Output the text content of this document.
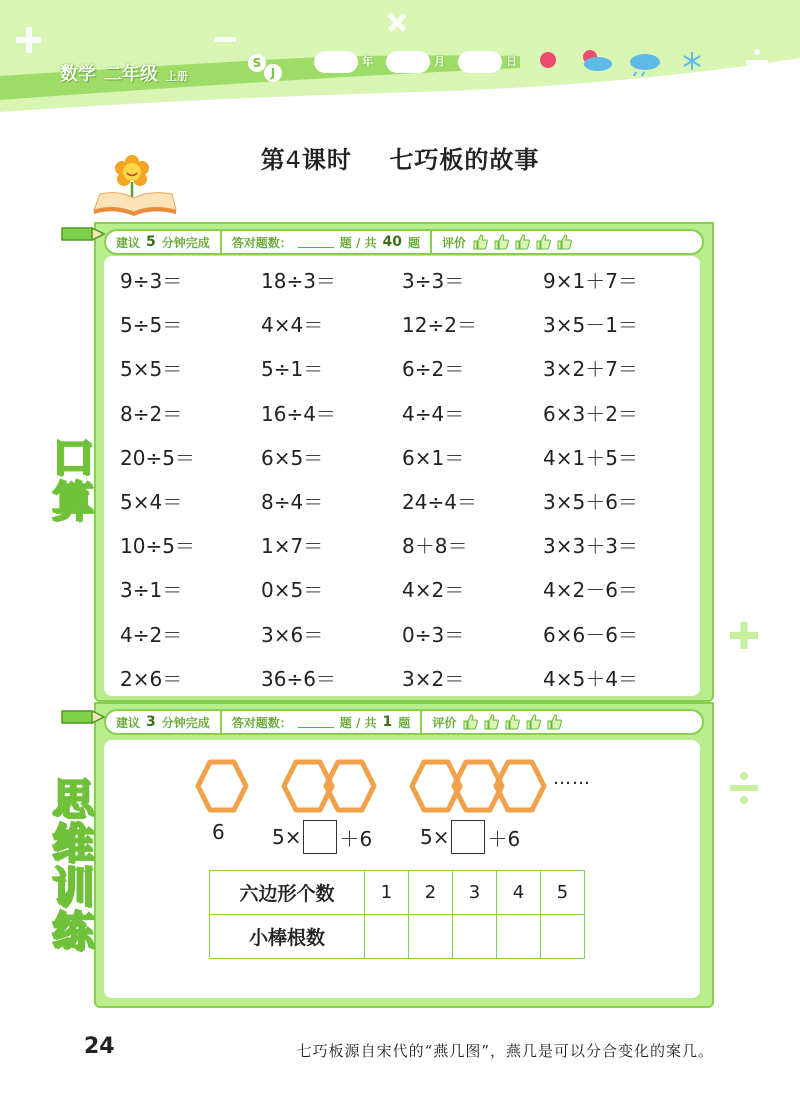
数学 二年级 上册
S
J
年	月	日
第4课时 七巧板的故事
建议 5 分钟完成 答对题数：	题 / 共 40 题 评价
口
算
9÷3＝	18÷3＝	3÷3＝	9×1＋7＝
5÷5＝	4×4＝	12÷2＝	3×5－1＝
5×5＝	5÷1＝	6÷2＝	3×2＋7＝
8÷2＝	16÷4＝	4÷4＝	6×3＋2＝
20÷5＝	6×5＝	6×1＝	4×1＋5＝
5×4＝	8÷4＝	24÷4＝	3×5＋6＝
10÷5＝	1×7＝	8＋8＝	3×3＋3＝
3÷1＝	0×5＝	4×2＝	4×2－6＝
4÷2＝	3×6＝	0÷3＝	6×6－6＝
2×6＝	36÷6＝	3×2＝	4×5＋4＝
建议 3 分钟完成 答对题数：	题 / 共 1 题 评价
思
维
训
练
……
6 5× ＋6 5× ＋6
六边形个数	1	2	3	4	5
小棒根数					
24	七巧板源自宋代的“燕几图”，燕几是可以分合变化的案几。
